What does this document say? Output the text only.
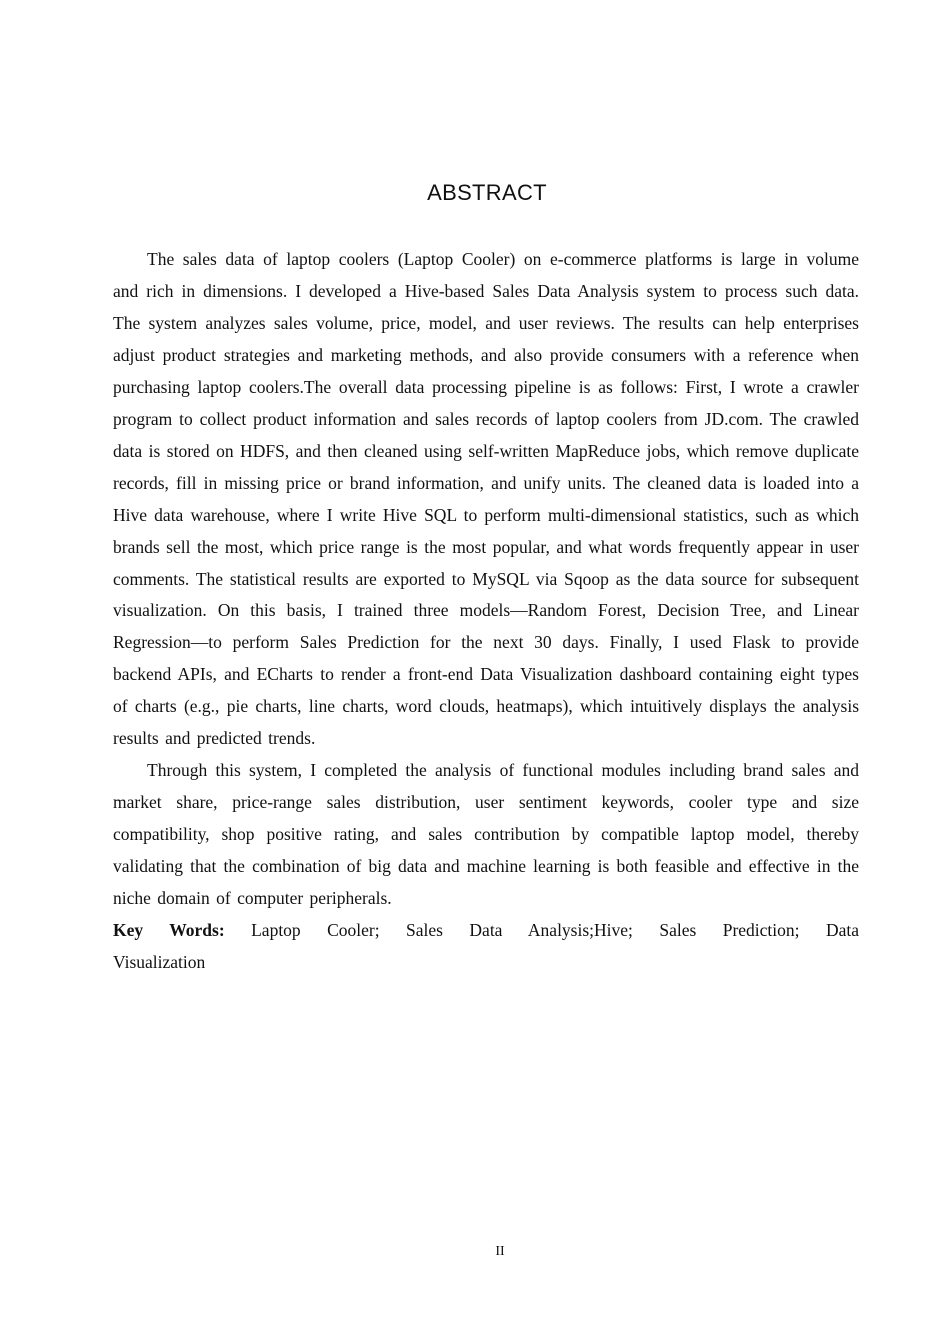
ABSTRACT

The sales data of laptop coolers (Laptop Cooler) on e-commerce platforms is large in volume and rich in dimensions. I developed a Hive-based Sales Data Analysis system to process such data. The system analyzes sales volume, price, model, and user reviews. The results can help enterprises adjust product strategies and marketing methods, and also provide consumers with a reference when purchasing laptop coolers.The overall data processing pipeline is as follows: First, I wrote a crawler program to collect product information and sales records of laptop coolers from JD.com. The crawled data is stored on HDFS, and then cleaned using self-written MapReduce jobs, which remove duplicate records, fill in missing price or brand information, and unify units. The cleaned data is loaded into a Hive data warehouse, where I write Hive SQL to perform multi-dimensional statistics, such as which brands sell the most, which price range is the most popular, and what words frequently appear in user comments. The statistical results are exported to MySQL via Sqoop as the data source for subsequent visualization. On this basis, I trained three models—Random Forest, Decision Tree, and Linear Regression—to perform Sales Prediction for the next 30 days. Finally, I used Flask to provide backend APIs, and ECharts to render a front-end Data Visualization dashboard containing eight types of charts (e.g., pie charts, line charts, word clouds, heatmaps), which intuitively displays the analysis results and predicted trends.

Through this system, I completed the analysis of functional modules including brand sales and market share, price-range sales distribution, user sentiment keywords, cooler type and size compatibility, shop positive rating, and sales contribution by compatible laptop model, thereby validating that the combination of big data and machine learning is both feasible and effective in the niche domain of computer peripherals.

Key Words: Laptop Cooler; Sales Data Analysis;Hive; Sales Prediction; Data

Visualization

II
